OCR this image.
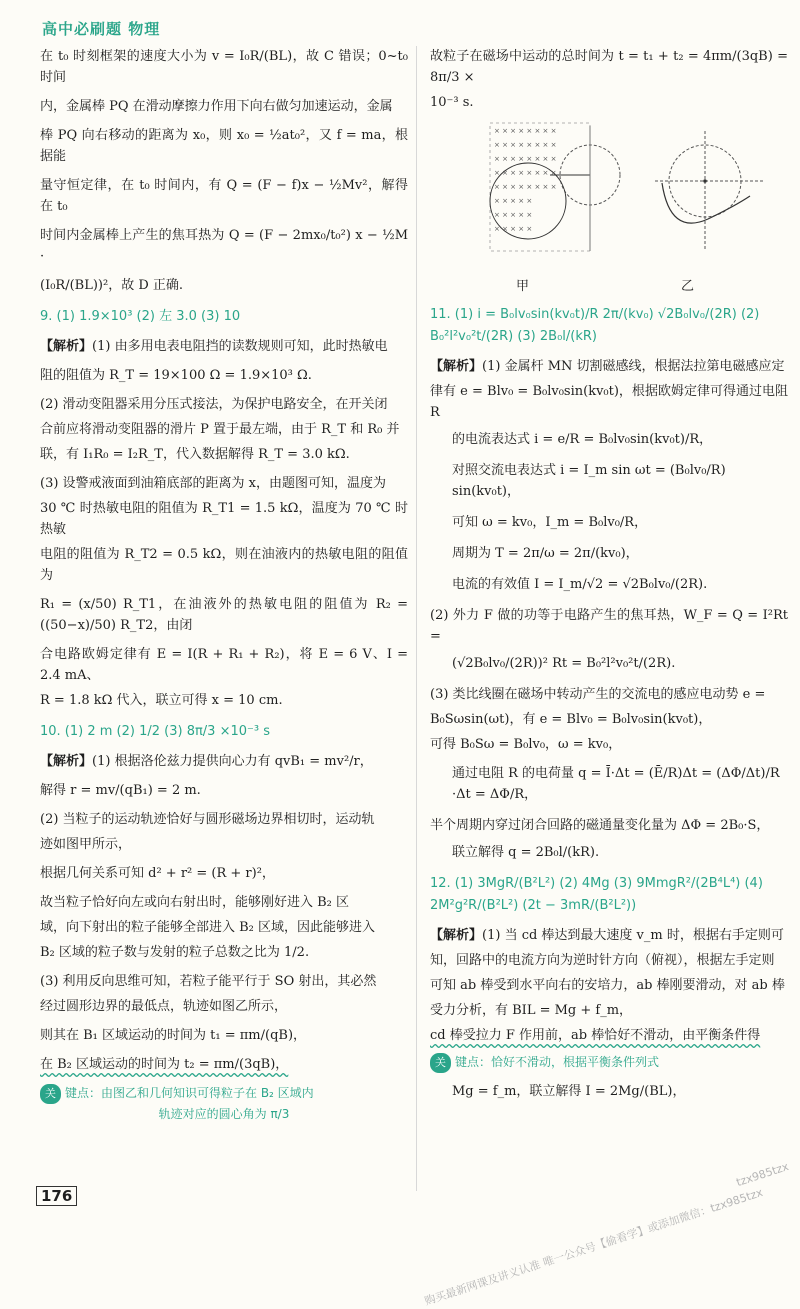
高中必刷题 物理

在 t₀ 时刻框架的速度大小为 v = I₀R/(BL)，故 C 错误；0~t₀ 时间

内，金属棒 PQ 在滑动摩擦力作用下向右做匀加速运动，金属

棒 PQ 向右移动的距离为 x₀，则 x₀ = ½at₀²，又 f = ma，根据能

量守恒定律，在 t₀ 时间内，有 Q = (F − f)x − ½Mv²，解得在 t₀

时间内金属棒上产生的焦耳热为 Q = (F − 2mx₀/t₀²) x − ½M ·

(I₀R/(BL))²，故 D 正确.

9. (1) 1.9×10³ (2) 左 3.0 (3) 10

【解析】(1) 由多用电表电阻挡的读数规则可知，此时热敏电

阻的阻值为 R_T = 19×100 Ω = 1.9×10³ Ω.

(2) 滑动变阻器采用分压式接法，为保护电路安全，在开关闭

合前应将滑动变阻器的滑片 P 置于最左端，由于 R_T 和 R₀ 并

联，有 I₁R₀ = I₂R_T，代入数据解得 R_T = 3.0 kΩ.

(3) 设警戒液面到油箱底部的距离为 x，由题图可知，温度为

30 ℃ 时热敏电阻的阻值为 R_T1 = 1.5 kΩ，温度为 70 ℃ 时热敏

电阻的阻值为 R_T2 = 0.5 kΩ，则在油液内的热敏电阻的阻值为

R₁ = (x/50) R_T1，在油液外的热敏电阻的阻值为 R₂ = ((50−x)/50) R_T2，由闭

合电路欧姆定律有 E = I(R + R₁ + R₂)，将 E = 6 V、I = 2.4 mA、

R = 1.8 kΩ 代入，联立可得 x = 10 cm.

10. (1) 2 m (2) 1/2 (3) 8π/3 ×10⁻³ s

【解析】(1) 根据洛伦兹力提供向心力有 qvB₁ = mv²/r，

解得 r = mv/(qB₁) = 2 m.

(2) 当粒子的运动轨迹恰好与圆形磁场边界相切时，运动轨

迹如图甲所示，

根据几何关系可知 d² + r² = (R + r)²，

故当粒子恰好向左或向右射出时，能够刚好进入 B₂ 区

域，向下射出的粒子能够全部进入 B₂ 区域，因此能够进入

B₂ 区域的粒子数与发射的粒子总数之比为 1/2.

(3) 利用反向思维可知，若粒子能平行于 SO 射出，其必然

经过圆形边界的最低点，轨迹如图乙所示，

则其在 B₁ 区域运动的时间为 t₁ = πm/(qB)，

在 B₂ 区域运动的时间为 t₂ = πm/(3qB)，

关 键点：由图乙和几何知识可得粒子在 B₂ 区域内
轨迹对应的圆心角为 π/3

故粒子在磁场中运动的总时间为 t = t₁ + t₂ = 4πm/(3qB) = 8π/3 ×

10⁻³ s.

× × × × × × × ×
× × × × × × × ×
× × × × × × × ×
× × × × × × × ×
× × × × × × × ×
× × × × ×
× × × × ×
× × × × ×
甲	乙
11. (1) i = B₀lv₀sin(kv₀t)/R 2π/(kv₀) √2B₀lv₀/(2R) (2) B₀²l²v₀²t/(2R) (3) 2B₀l/(kR)

【解析】(1) 金属杆 MN 切割磁感线，根据法拉第电磁感应定

律有 e = Blv₀ = B₀lv₀sin(kv₀t)，根据欧姆定律可得通过电阻 R

的电流表达式 i = e/R = B₀lv₀sin(kv₀t)/R，

对照交流电表达式 i = I_m sin ωt = (B₀lv₀/R) sin(kv₀t)，

可知 ω = kv₀，I_m = B₀lv₀/R，

周期为 T = 2π/ω = 2π/(kv₀)，

电流的有效值 I = I_m/√2 = √2B₀lv₀/(2R).

(2) 外力 F 做的功等于电路产生的焦耳热，W_F = Q = I²Rt =

(√2B₀lv₀/(2R))² Rt = B₀²l²v₀²t/(2R).

(3) 类比线圈在磁场中转动产生的交流电的感应电动势 e =

B₀Sωsin(ωt)，有 e = Blv₀ = B₀lv₀sin(kv₀t)，

可得 B₀Sω = B₀lv₀，ω = kv₀，

通过电阻 R 的电荷量 q = Ī·Δt = (Ē/R)Δt = (ΔΦ/Δt)/R ·Δt = ΔΦ/R，

半个周期内穿过闭合回路的磁通量变化量为 ΔΦ = 2B₀·S，

联立解得 q = 2B₀l/(kR).

12. (1) 3MgR/(B²L²) (2) 4Mg (3) 9MmgR²/(2B⁴L⁴) (4) 2M²g²R/(B²L²) (2t − 3mR/(B²L²))

【解析】(1) 当 cd 棒达到最大速度 v_m 时，根据右手定则可

知，回路中的电流方向为逆时针方向（俯视），根据左手定则

可知 ab 棒受到水平向右的安培力，ab 棒刚要滑动，对 ab 棒

受力分析，有 BIL = Mg + f_m，

cd 棒受拉力 F 作用前，ab 棒恰好不滑动，由平衡条件得

关 键点：恰好不滑动，根据平衡条件列式

Mg = f_m，联立解得 I = 2Mg/(BL)，

176
tzx985tzx
购买最新网课及讲义认准 唯一公众号【偷看学】或添加微信：tzx985tzx
